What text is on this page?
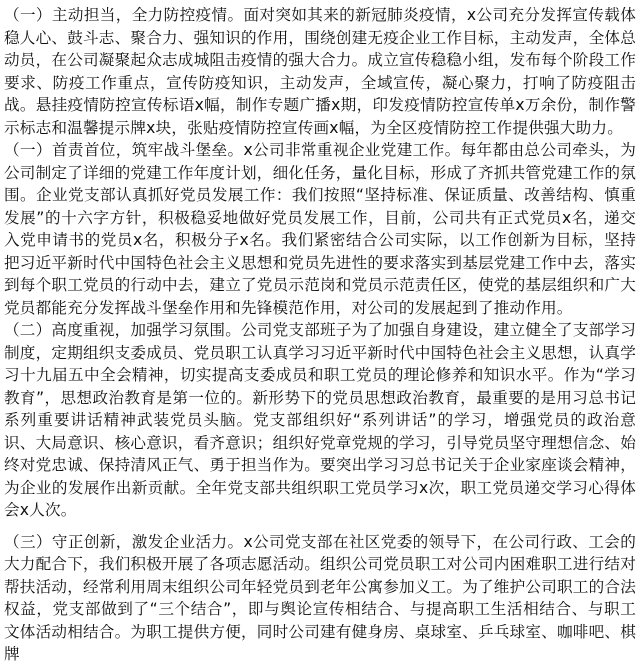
（一）主动担当，全力防控疫情。面对突如其来的新冠肺炎疫情，x公司充分发挥宣传载体稳人心、鼓斗志、聚合力、强知识的作用，围绕创建无疫企业工作目标，主动发声，全体总动员，在公司凝聚起众志成城阻击疫情的强大合力。成立宣传稳稳小组，发布每个阶段工作要求、防疫工作重点，宣传防疫知识，主动发声，全域宣传，凝心聚力，打响了防疫阻击战。悬挂疫情防控宣传标语x幅，制作专题广播x期，印发疫情防控宣传单x万余份，制作警示标志和温馨提示牌x块，张贴疫情防控宣传画x幅，为全区疫情防控工作提供强大助力。

（一）首责首位，筑牢战斗堡垒。x公司非常重视企业党建工作。每年都由总公司牵头，为公司制定了详细的党建工作年度计划，细化任务，量化目标，形成了齐抓共管党建工作的氛围。企业党支部认真抓好党员发展工作：我们按照“坚持标准、保证质量、改善结构、慎重发展”的十六字方针，积极稳妥地做好党员发展工作，目前，公司共有正式党员x名，递交入党申请书的党员x名，积极分子x名。我们紧密结合公司实际，以工作创新为目标，坚持把习近平新时代中国特色社会主义思想和党员先进性的要求落实到基层党建工作中去，落实到每个职工党员的行动中去，建立了党员示范岗和党员示范责任区，使党的基层组织和广大党员都能充分发挥战斗堡垒作用和先锋模范作用，对公司的发展起到了推动作用。

（二）高度重视，加强学习氛围。公司党支部班子为了加强自身建设，建立健全了支部学习制度，定期组织支委成员、党员职工认真学习习近平新时代中国特色社会主义思想，认真学习十九届五中全会精神，切实提高支委成员和职工党员的理论修养和知识水平。作为“学习教育”，思想政治教育是第一位的。新形势下的党员思想政治教育，最重要的是用习总书记系列重要讲话精神武装党员头脑。党支部组织好“系列讲话”的学习，增强党员的政治意识、大局意识、核心意识，看齐意识；组织好党章党规的学习，引导党员坚守理想信念、始终对党忠诚、保持清风正气、勇于担当作为。要突出学习习总书记关于企业家座谈会精神，为企业的发展作出新贡献。全年党支部共组织职工党员学习x次，职工党员递交学习心得体会x人次。

（三）守正创新，激发企业活力。x公司党支部在社区党委的领导下，在公司行政、工会的大力配合下，我们积极开展了各项志愿活动。组织公司党员职工对公司内困难职工进行结对帮扶活动，经常利用周末组织公司年轻党员到老年公寓参加义工。为了维护公司职工的合法权益，党支部做到了“三个结合”，即与舆论宣传相结合、与提高职工生活相结合、与职工文体活动相结合。为职工提供方便，同时公司建有健身房、桌球室、乒乓球室、咖啡吧、棋牌
